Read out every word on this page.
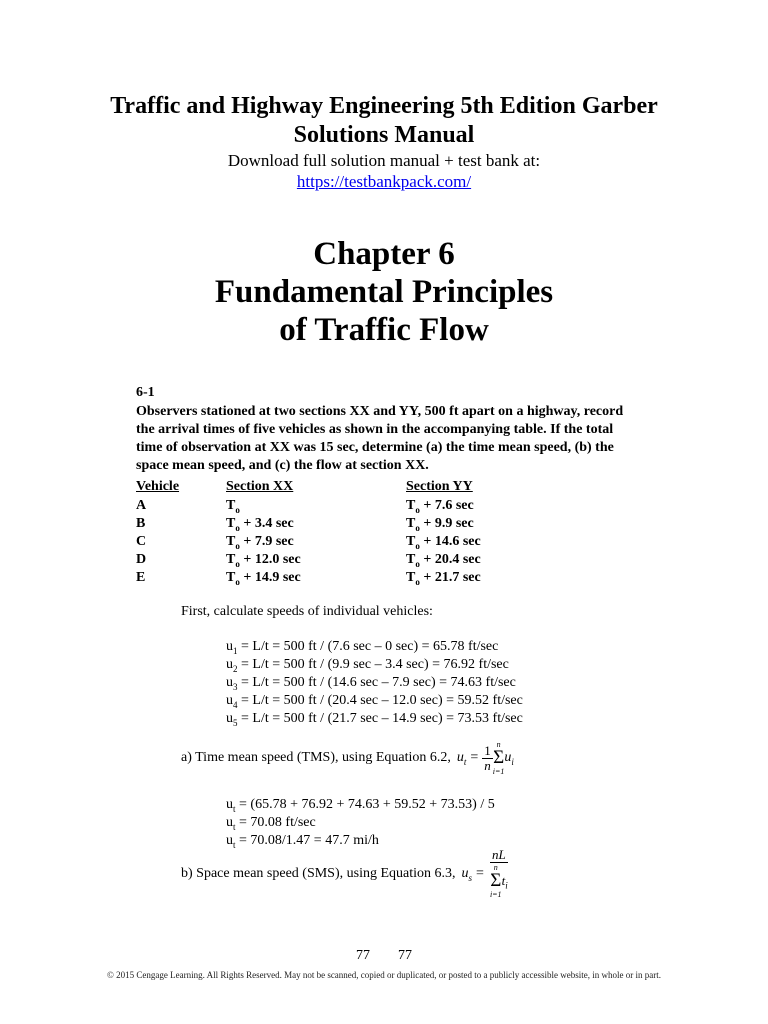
Traffic and Highway Engineering 5th Edition Garber
Solutions Manual
Download full solution manual + test bank at:
https://testbankpack.com/
Chapter 6
Fundamental Principles
of Traffic Flow
6-1
Observers stationed at two sections XX and YY, 500 ft apart on a highway, record
the arrival times of five vehicles as shown in the accompanying table. If the total
time of observation at XX was 15 sec, determine (a) the time mean speed, (b) the
space mean speed, and (c) the flow at section XX.
Vehicle	Section XX	Section YY
A	$T_o$	$T_o + 7.6$ sec
B	$T_o + 3.4$ sec	$T_o + 9.9$ sec
C	$T_o + 7.9$ sec	$T_o + 14.6$ sec
D	$T_o + 12.0$ sec	$T_o + 20.4$ sec
E	$T_o + 14.9$ sec	$T_o + 21.7$ sec
First, calculate speeds of individual vehicles:
$u_1 = L/t = 500$ ft / (7.6 sec – 0 sec) = 65.78 ft/sec
$u_2 = L/t = 500$ ft / (9.9 sec – 3.4 sec) = 76.92 ft/sec
$u_3 = L/t = 500$ ft / (14.6 sec – 7.9 sec) = 74.63 ft/sec
$u_4 = L/t = 500$ ft / (20.4 sec – 12.0 sec) = 59.52 ft/sec
$u_5 = L/t = 500$ ft / (21.7 sec – 14.9 sec) = 73.53 ft/sec
a) Time mean speed (TMS), using Equation 6.2, $u_t = \frac{1}{n}$ n
Σ
i=1
$u_i$
$u_t = (65.78 + 76.92 + 74.63 + 59.52 + 73.53) / 5$
$u_t = 70.08$ ft/sec
$u_t = 70.08/1.47 = 47.7$ mi/h
b) Space mean speed (SMS), using Equation 6.3, $u_s$ = nL
n
Σ
i=1
$t_i$
77 77
© 2015 Cengage Learning. All Rights Reserved. May not be scanned, copied or duplicated, or posted to a publicly accessible website, in whole or in part.
